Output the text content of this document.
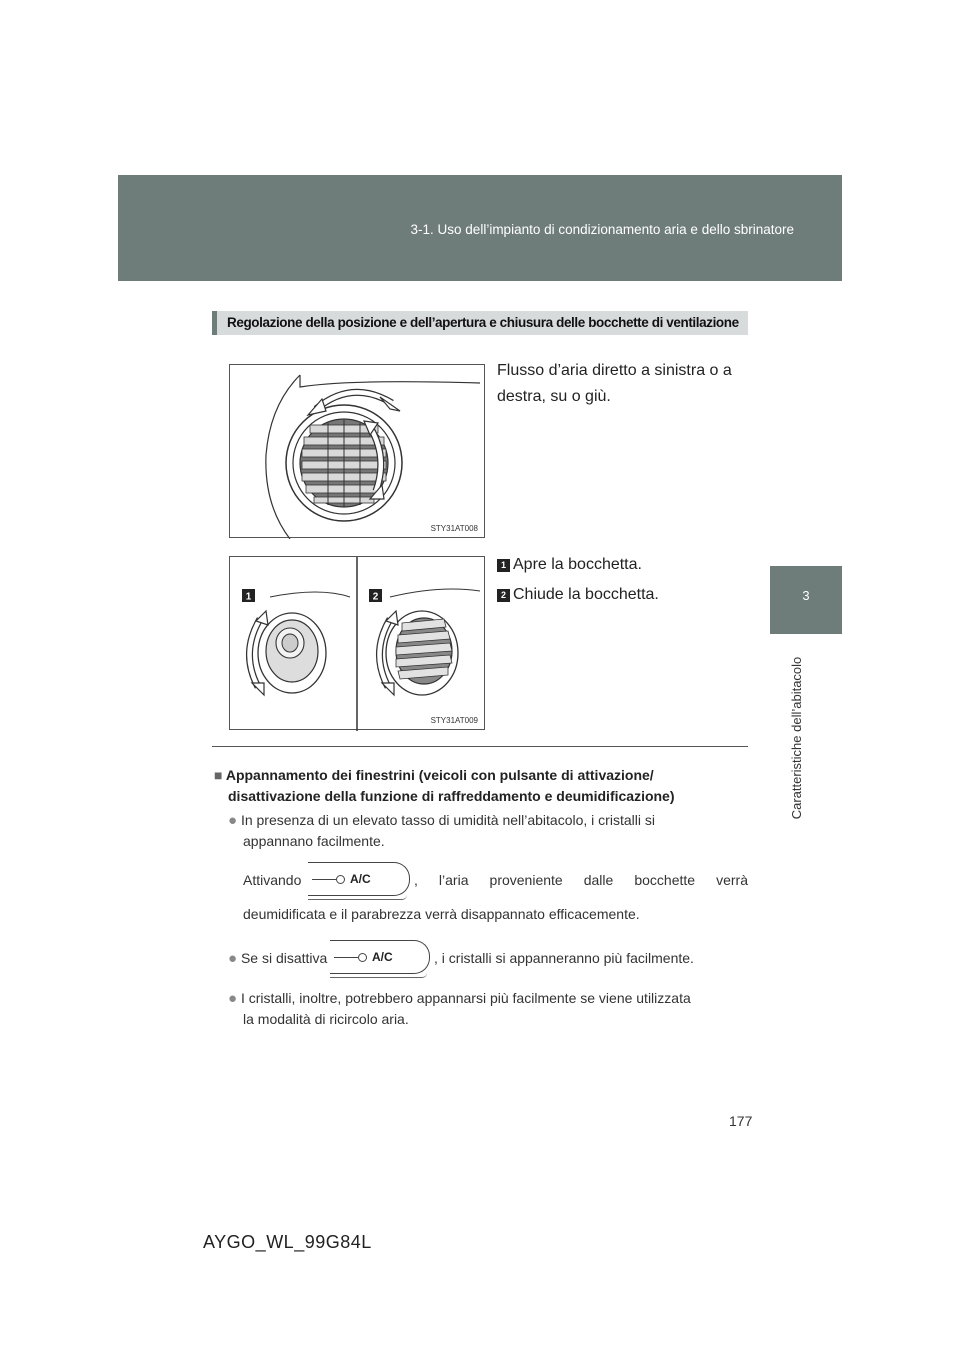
3-1. Uso dell’impianto di condizionamento aria e dello sbrinatore
3
Caratteristiche dell’abitacolo
Regolazione della posizione e dell’apertura e chiusura delle bocchette di ventilazione
STY31AT008
Flusso d’aria diretto a sinistra o a
destra, su o giù.
1	2
STY31AT009
1 Apre la bocchetta.
2 Chiude la bocchetta.
■ Appannamento dei finestrini (veicoli con pulsante di attivazione/
disattivazione della funzione di raffreddamento e deumidificazione)
● In presenza di un elevato tasso di umidità nell’abitacolo, i cristalli si
appannano facilmente.
Attivando	A/C	, l’aria proveniente dalle bocchette verrà
deumidificata e il parabrezza verrà disappannato efficacemente.
● Se si disattiva	A/C	, i cristalli si appanneranno più facilmente.
● I cristalli, inoltre, potrebbero appannarsi più facilmente se viene utilizzata
la modalità di ricircolo aria.
177
AYGO_WL_99G84L
